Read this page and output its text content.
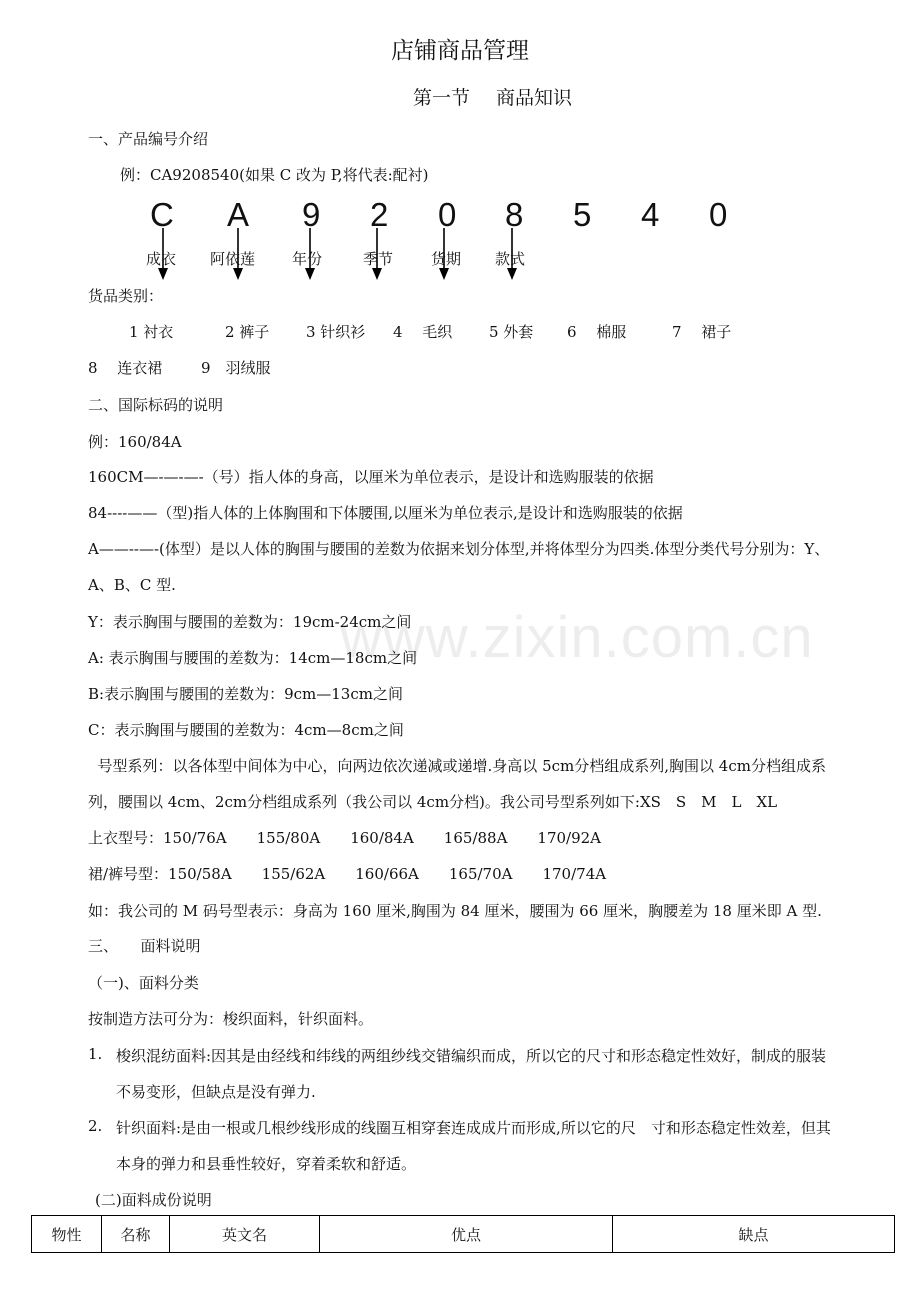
店铺商品管理
第一节 商品知识
一、产品编号介绍
例：CA9208540(如果 C 改为 P,将代表:配衬)
C A 9 2 0 8 5 4 0
成衣 阿依莲 年份	季节	货期 款式
货品类别：
1 衬衣	2 裤子 3 针织衫 4　 毛织 5 外套 6　 棉服	7　 裙子
8　 连衣裙	9　羽绒服
二、国际标码的说明
例：160/84A
160CM—-—-—-（号）指人体的身高，以厘米为单位表示，是设计和选购服装的依据
84----——（型)指人体的上体胸围和下体腰围,以厘米为单位表示,是设计和选购服装的依据
A——--—-(体型）是以人体的胸围与腰围的差数为依据来划分体型,并将体型分为四类.体型分类代号分别为：Y、
A、B、C 型.
Y：表示胸围与腰围的差数为：19cm-24cm之间
A: 表示胸围与腰围的差数为：14cm—18cm之间
B:表示胸围与腰围的差数为：9cm—13cm之间
C：表示胸围与腰围的差数为：4cm—8cm之间
号型系列：以各体型中间体为中心，向两边依次递减或递增.身高以 5cm分档组成系列,胸围以 4cm分档组成系
列，腰围以 4cm、2cm分档组成系列（我公司以 4cm分档)。我公司号型系列如下:XS　S　M　L　XL
上衣型号：150/76A　　155/80A　　160/84A　　165/88A　　170/92A
裙/裤号型：150/58A　　155/62A　　160/66A　　165/70A　　170/74A
如：我公司的 M 码号型表示：身高为 160 厘米,胸围为 84 厘米，腰围为 66 厘米，胸腰差为 18 厘米即 A 型.
三、　　面料说明
（一)、面料分类
按制造方法可分为：梭织面料，针织面料。
1. 梭织混纺面料:因其是由经线和纬线的两组纱线交错编织而成，所以它的尺寸和形态稳定性效好，制成的服装
不易变形，但缺点是没有弹力.
2. 针织面料:是由一根或几根纱线形成的线圈互相穿套连成成片而形成,所以它的尺　寸和形态稳定性效差，但其
本身的弹力和县垂性较好，穿着柔软和舒适。
(二)面料成份说明
物性	名称	英文名	优点	缺点
www.zixin.com.cn
